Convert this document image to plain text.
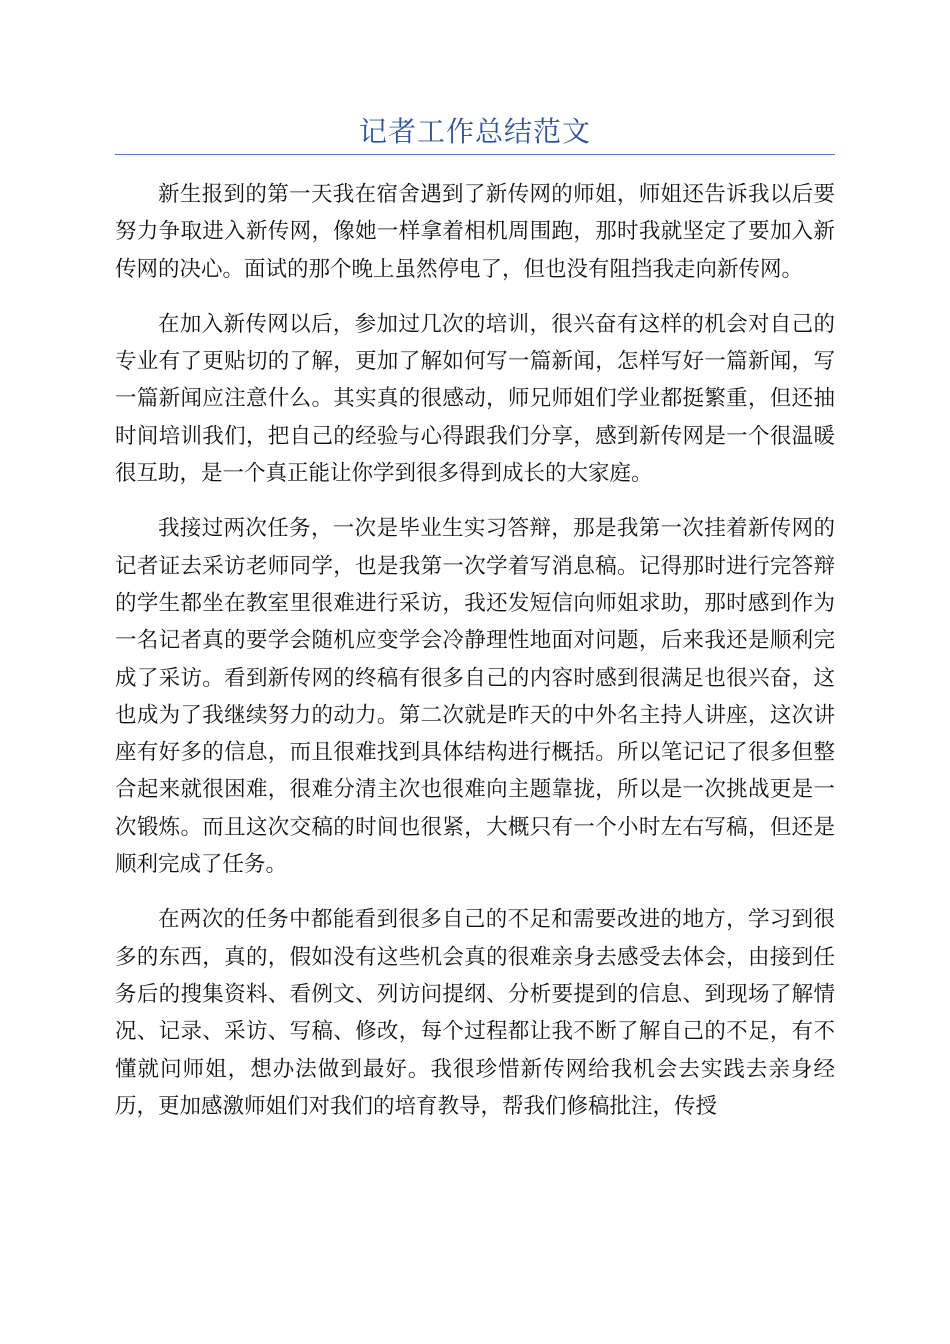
记者工作总结范文

新生报到的第一天我在宿舍遇到了新传网的师姐，师姐还告诉我以后要努力争取进入新传网，像她一样拿着相机周围跑，那时我就坚定了要加入新传网的决心。面试的那个晚上虽然停电了，但也没有阻挡我走向新传网。

在加入新传网以后，参加过几次的培训，很兴奋有这样的机会对自己的专业有了更贴切的了解，更加了解如何写一篇新闻，怎样写好一篇新闻，写一篇新闻应注意什么。其实真的很感动，师兄师姐们学业都挺繁重，但还抽时间培训我们，把自己的经验与心得跟我们分享，感到新传网是一个很温暖很互助，是一个真正能让你学到很多得到成长的大家庭。

我接过两次任务，一次是毕业生实习答辩，那是我第一次挂着新传网的记者证去采访老师同学，也是我第一次学着写消息稿。记得那时进行完答辩的学生都坐在教室里很难进行采访，我还发短信向师姐求助，那时感到作为一名记者真的要学会随机应变学会冷静理性地面对问题，后来我还是顺利完成了采访。看到新传网的终稿有很多自己的内容时感到很满足也很兴奋，这也成为了我继续努力的动力。第二次就是昨天的中外名主持人讲座，这次讲座有好多的信息，而且很难找到具体结构进行概括。所以笔记记了很多但整合起来就很困难，很难分清主次也很难向主题靠拢，所以是一次挑战更是一次锻炼。而且这次交稿的时间也很紧，大概只有一个小时左右写稿，但还是顺利完成了任务。

在两次的任务中都能看到很多自己的不足和需要改进的地方，学习到很多的东西，真的，假如没有这些机会真的很难亲身去感受去体会，由接到任务后的搜集资料、看例文、列访问提纲、分析要提到的信息、到现场了解情况、记录、采访、写稿、修改，每个过程都让我不断了解自己的不足，有不懂就问师姐，想办法做到最好。我很珍惜新传网给我机会去实践去亲身经历，更加感激师姐们对我们的培育教导，帮我们修稿批注，传授
